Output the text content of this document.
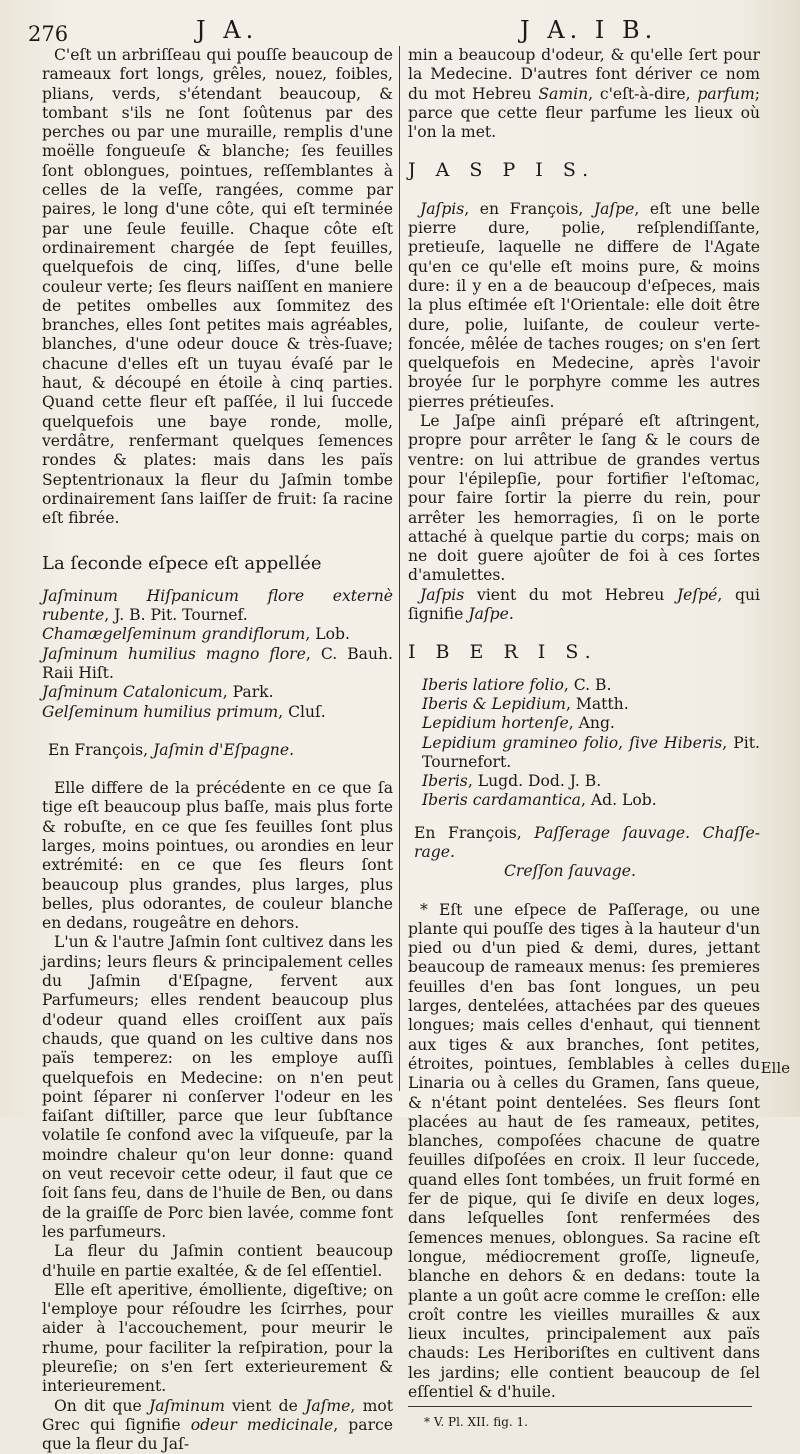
276	J A.	J A. I B.

C'eſt un arbriſſeau qui pouſſe beaucoup de rameaux fort longs, grêles, nouez, foibles, plians, verds, s'étendant beaucoup, & tombant s'ils ne ſont ſoûtenus par des perches ou par une muraille, remplis d'une moëlle fongueuſe & blanche; ſes feuilles ſont oblongues, pointues, reſſemblantes à celles de la veſſe, rangées, comme par paires, le long d'une côte, qui eſt terminée par une ſeule feuille. Chaque côte eſt ordinairement chargée de ſept feuilles, quelquefois de cinq, liſſes, d'une belle couleur verte; ſes fleurs naiſſent en maniere de petites ombelles aux ſommitez des branches, elles ſont petites mais agréables, blanches, d'une odeur douce & très-ſuave; chacune d'elles eſt un tuyau évaſé par le haut, & découpé en étoile à cinq parties. Quand cette fleur eſt paſſée, il lui ſuccede quelquefois une baye ronde, molle, verdâtre, renfermant quelques ſemences rondes & plates: mais dans les païs Septentrionaux la fleur du Jaſmin tombe ordinairement ſans laiſſer de fruit: ſa racine eſt fibrée.

La ſeconde eſpece eſt appellée

Jaſminum Hiſpanicum flore externè rubente, J. B. Pit. Tournef.

Chamægelſeminum grandiflorum, Lob.

Jaſminum humilius magno flore, C. Bauh. Raii Hiſt.

Jaſminum Catalonicum, Park.

Gelſeminum humilius primum, Cluſ.

En François, Jaſmin d'Eſpagne.

Elle differe de la précédente en ce que ſa tige eſt beaucoup plus baſſe, mais plus forte & robuſte, en ce que ſes feuilles ſont plus larges, moins pointues, ou arondies en leur extrémité: en ce que ſes fleurs ſont beaucoup plus grandes, plus larges, plus belles, plus odorantes, de couleur blanche en dedans, rougeâtre en dehors.

L'un & l'autre Jaſmin ſont cultivez dans les jardins; leurs fleurs & principalement celles du Jaſmin d'Eſpagne, fervent aux Parfumeurs; elles rendent beaucoup plus d'odeur quand elles croiſſent aux païs chauds, que quand on les cultive dans nos païs temperez: on les employe auſſi quelquefois en Medecine: on n'en peut point ſéparer ni conſerver l'odeur en les faiſant diſtiller, parce que leur ſubſtance volatile ſe confond avec la viſqueuſe, par la moindre chaleur qu'on leur donne: quand on veut recevoir cette odeur, il faut que ce ſoit ſans feu, dans de l'huile de Ben, ou dans de la graiſſe de Porc bien lavée, comme font les parfumeurs.

La fleur du Jaſmin contient beaucoup d'huile en partie exaltée, & de ſel eſſentiel.

Elle eſt aperitive, émolliente, digeſtive; on l'employe pour réſoudre les ſcirrhes, pour aider à l'accouchement, pour meurir le rhume, pour faciliter la reſpiration, pour la pleureſie; on s'en ſert exterieurement & interieurement.

On dit que Jaſminum vient de Jaſme, mot Grec qui ſignifie odeur medicinale, parce que la fleur du Jaſ-

min a beaucoup d'odeur, & qu'elle ſert pour la Medecine. D'autres font dériver ce nom du mot Hebreu Samin, c'eſt-à-dire, parfum; parce que cette fleur parfume les lieux où l'on la met.

J A S P I S.

Jaſpis, en François, Jaſpe, eſt une belle pierre dure, polie, reſplendiſſante, pretieuſe, laquelle ne differe de l'Agate qu'en ce qu'elle eſt moins pure, & moins dure: il y en a de beaucoup d'eſpeces, mais la plus eſtimée eſt l'Orientale: elle doit être dure, polie, luiſante, de couleur verte-foncée, mêlée de taches rouges; on s'en ſert quelquefois en Medecine, après l'avoir broyée ſur le porphyre comme les autres pierres prétieuſes.

Le Jaſpe ainſi préparé eſt aſtringent, propre pour arrêter le ſang & le cours de ventre: on lui attribue de grandes vertus pour l'épilepſie, pour fortifier l'eſtomac, pour faire ſortir la pierre du rein, pour arrêter les hemorragies, ſi on le porte attaché à quelque partie du corps; mais on ne doit guere ajoûter de foi à ces ſortes d'amulettes.

Jaſpis vient du mot Hebreu Jeſpé, qui ſignifie Jaſpe.

I B E R I S.

Iberis latiore folio, C. B.

Iberis & Lepidium, Matth.

Lepidium hortenſe, Ang.

Lepidium gramineo folio, ſive Hiberis, Pit. Tournefort.

Iberis, Lugd. Dod. J. B.

Iberis cardamantica, Ad. Lob.

En François, Paſſerage ſauvage. Chaſſe-rage.

Creſſon ſauvage.

* Eſt une eſpece de Paſſerage, ou une plante qui pouſſe des tiges à la hauteur d'un pied ou d'un pied & demi, dures, jettant beaucoup de rameaux menus: ſes premieres feuilles d'en bas ſont longues, un peu larges, dentelées, attachées par des queues longues; mais celles d'enhaut, qui tiennent aux tiges & aux branches, ſont petites, étroites, pointues, ſemblables à celles du Linaria ou à celles du Gramen, ſans queue, & n'étant point dentelées. Ses fleurs ſont placées au haut de ſes rameaux, petites, blanches, compoſées chacune de quatre feuilles diſpoſées en croix. Il leur ſuccede, quand elles ſont tombées, un fruit formé en fer de pique, qui ſe diviſe en deux loges, dans leſquelles ſont renfermées des ſemences menues, oblongues. Sa racine eſt longue, médiocrement groſſe, ligneuſe, blanche en dehors & en dedans: toute la plante a un goût acre comme le creſſon: elle croît contre les vieilles murailles & aux lieux incultes, principalement aux païs chauds: Les Heriboriſtes en cultivent dans les jardins; elle contient beaucoup de ſel eſſentiel & d'huile.

* V. Pl. XII. fig. 1.

Elle
